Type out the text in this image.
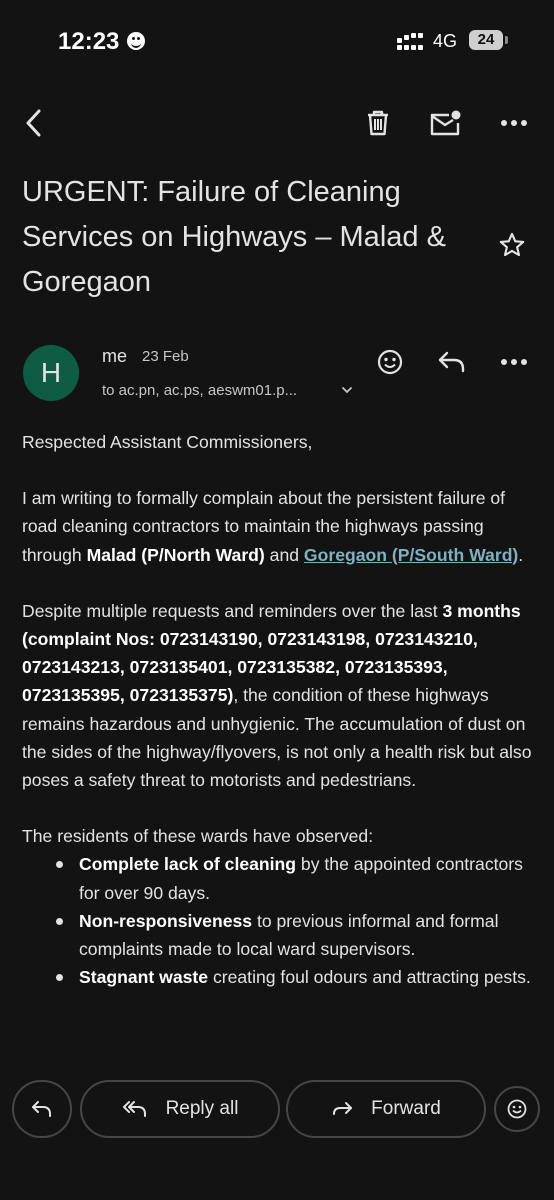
12:23	4G	24
URGENT: Failure of Cleaning Services on Highways – Malad & Goregaon
H
me 23 Feb
to ac.pn, ac.ps, aeswm01.p...

Respected Assistant Commissioners,

I am writing to formally complain about the persistent failure of road cleaning contractors to maintain the highways passing through Malad (P/North Ward) and Goregaon (P/South Ward).

Despite multiple requests and reminders over the last 3 months (complaint Nos: 0723143190, 0723143198, 0723143210, 0723143213, 0723135401, 0723135382, 0723135393, 0723135395, 0723135375), the condition of these highways remains hazardous and unhygienic. The accumulation of dust on the sides of the highway/flyovers, is not only a health risk but also poses a safety threat to motorists and pedestrians.

The residents of these wards have observed:
Complete lack of cleaning by the appointed contractors for over 90 days.
Non-responsiveness to previous informal and formal complaints made to local ward supervisors.
Stagnant waste creating foul odours and attracting pests.
Reply all	Forward
